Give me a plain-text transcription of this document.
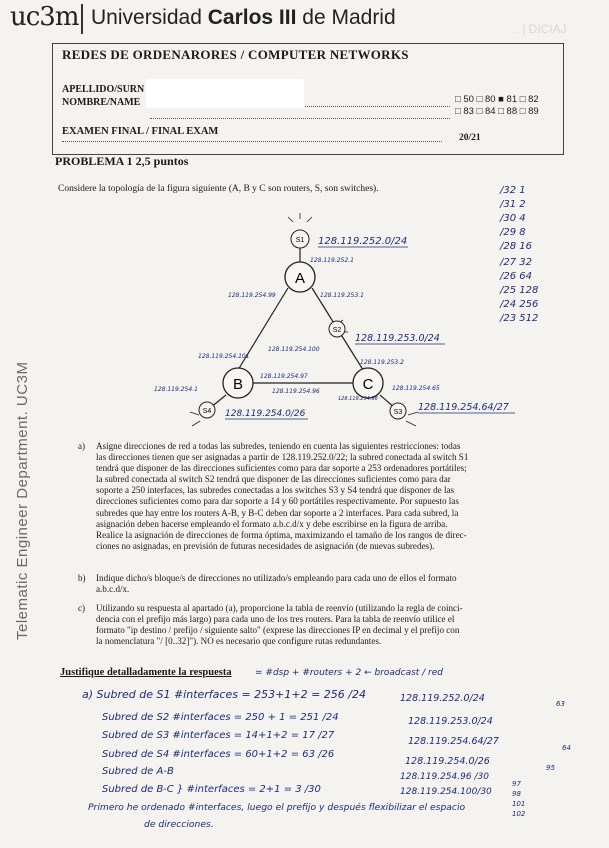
uc3m Universidad Carlos III de Madrid	…] DICIAJ
REDES DE ORDENARORES / COMPUTER NETWORKS
APELLIDO/SURN
NOMBRE/NAME	□ 50 □ 80 ■ 81 □ 82
□ 83 □ 84 □ 88 □ 89
EXAMEN FINAL / FINAL EXAM
20/21
PROBLEMA 1 2,5 puntos
Considere la topología de la figura siguiente (A, B y C son routers, S, son switches).	/32 1
/31 2
/30 4
/29 8
/28 16
/27 32
/26 64
/25 128
/24 256
/23 512
A
B	C
S1
S2
S4	S3
128.119.252.0/24
128.119.252.1
128.119.254.99	128.119.253.1
128.119.253.0/24
128.119.253.2
128.119.254.101
128.119.254.100
128.119.254.97
128.119.254.96
128.119.254.1
128.119.254.0/26
128.119.254.65
128.119.254.64/27
128.119.254.98
a) Asigne direcciones de red a todas las subredes, teniendo en cuenta las siguientes restricciones: todas
las direcciones tienen que ser asignadas a partir de 128.119.252.0/22; la subred conectada al switch S1
tendrá que disponer de las direcciones suficientes como para dar soporte a 253 ordenadores portátiles;
la subred conectada al switch S2 tendrá que disponer de las direcciones suficientes como para dar
soporte a 250 interfaces, las subredes conectadas a los switches S3 y S4 tendrá que disponer de las
direcciones suficientes como para dar soporte a 14 y 60 portátiles respectivamente. Por supuesto las
subredes que hay entre los routers A-B, y B-C deben dar soporte a 2 interfaces. Para cada subred, la
asignación deben hacerse empleando el formato a.b.c.d/x y debe escribirse en la figura de arriba.
Realice la asignación de direcciones de forma óptima, maximizando el tamaño de los rangos de direc-
ciones no asignadas, en previsión de futuras necesidades de asignación (de nuevas subredes).
b) Indique dicho/s bloque/s de direcciones no utilizado/s empleando para cada uno de ellos el formato
a.b.c.d/x.
c) Utilizando su respuesta al apartado (a), proporcione la tabla de reenvío (utilizando la regla de coinci-
dencia con el prefijo más largo) para cada uno de los tres routers. Para la tabla de reenvío utilice el
formato "ip destino / prefijo / siguiente salto" (exprese las direcciones IP en decimal y el prefijo con
la nomenclatura "/ [0..32]"). NO es necesario que configure rutas redundantes.
Justifique detalladamente la respuesta	= #dsp + #routers + 2 ← broadcast / red
a) Subred de S1 #interfaces = 253+1+2 = 256 /24	128.119.252.0/24
Subred de S2 #interfaces = 250 + 1 = 251 /24	128.119.253.0/24
Subred de S3 #interfaces = 14+1+2 = 17 /27
128.119.254.64/27
Subred de S4 #interfaces = 60+1+2 = 63 /26
128.119.254.0/26
Subred de A-B	128.119.254.96 /30
Subred de B-C } #interfaces = 2+1 = 3 /30	128.119.254.100/30
Primero he ordenado #interfaces, luego el prefijo y después flexibilizar el espacio
de direcciones.
63
64
95
97
98
101
102
Telematic Engineer Department. UC3M
